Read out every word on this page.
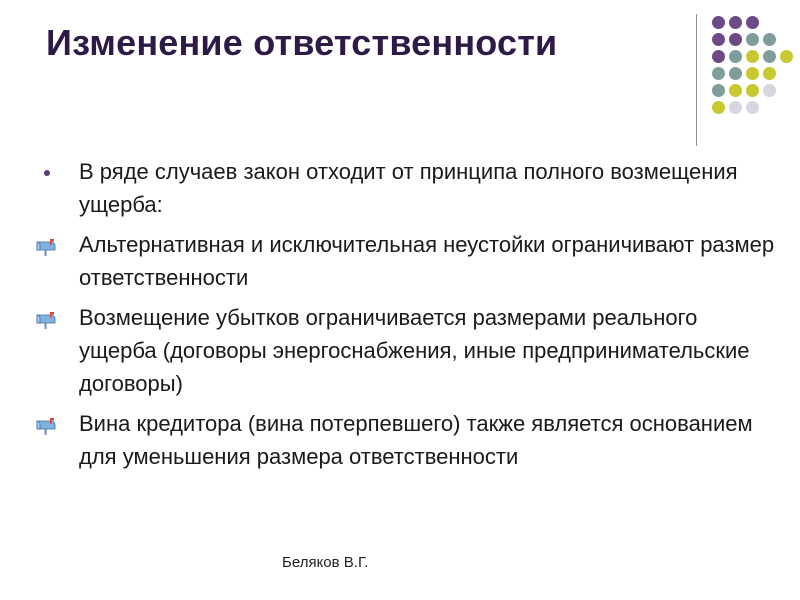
Изменение ответственности
В ряде случаев закон отходит от принципа полного возмещения ущерба:
Альтернативная и исключительная неустойки ограничивают размер ответственности
Возмещение убытков ограничивается размерами реального ущерба (договоры энергоснабжения, иные предпринимательские договоры)
Вина кредитора (вина потерпевшего) также является основанием для уменьшения размера ответственности
Беляков В.Г.
